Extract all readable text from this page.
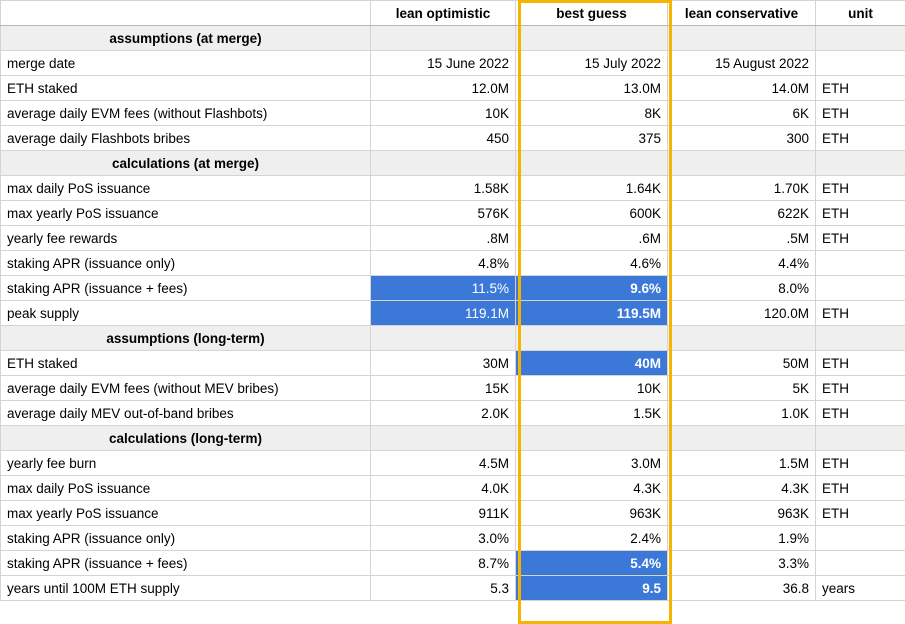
	lean optimistic	best guess	lean conservative	unit
assumptions (at merge)				
merge date	15 June 2022	15 July 2022	15 August 2022	
ETH staked	12.0M	13.0M	14.0M	ETH
average daily EVM fees (without Flashbots)	10K	8K	6K	ETH
average daily Flashbots bribes	450	375	300	ETH
calculations (at merge)				
max daily PoS issuance	1.58K	1.64K	1.70K	ETH
max yearly PoS issuance	576K	600K	622K	ETH
yearly fee rewards	.8M	.6M	.5M	ETH
staking APR (issuance only)	4.8%	4.6%	4.4%	
staking APR (issuance + fees)	11.5%	9.6%	8.0%	
peak supply	119.1M	119.5M	120.0M	ETH
assumptions (long-term)				
ETH staked	30M	40M	50M	ETH
average daily EVM fees (without MEV bribes)	15K	10K	5K	ETH
average daily MEV out-of-band bribes	2.0K	1.5K	1.0K	ETH
calculations (long-term)				
yearly fee burn	4.5M	3.0M	1.5M	ETH
max daily PoS issuance	4.0K	4.3K	4.3K	ETH
max yearly PoS issuance	911K	963K	963K	ETH
staking APR (issuance only)	3.0%	2.4%	1.9%	
staking APR (issuance + fees)	8.7%	5.4%	3.3%	
years until 100M ETH supply	5.3	9.5	36.8	years
